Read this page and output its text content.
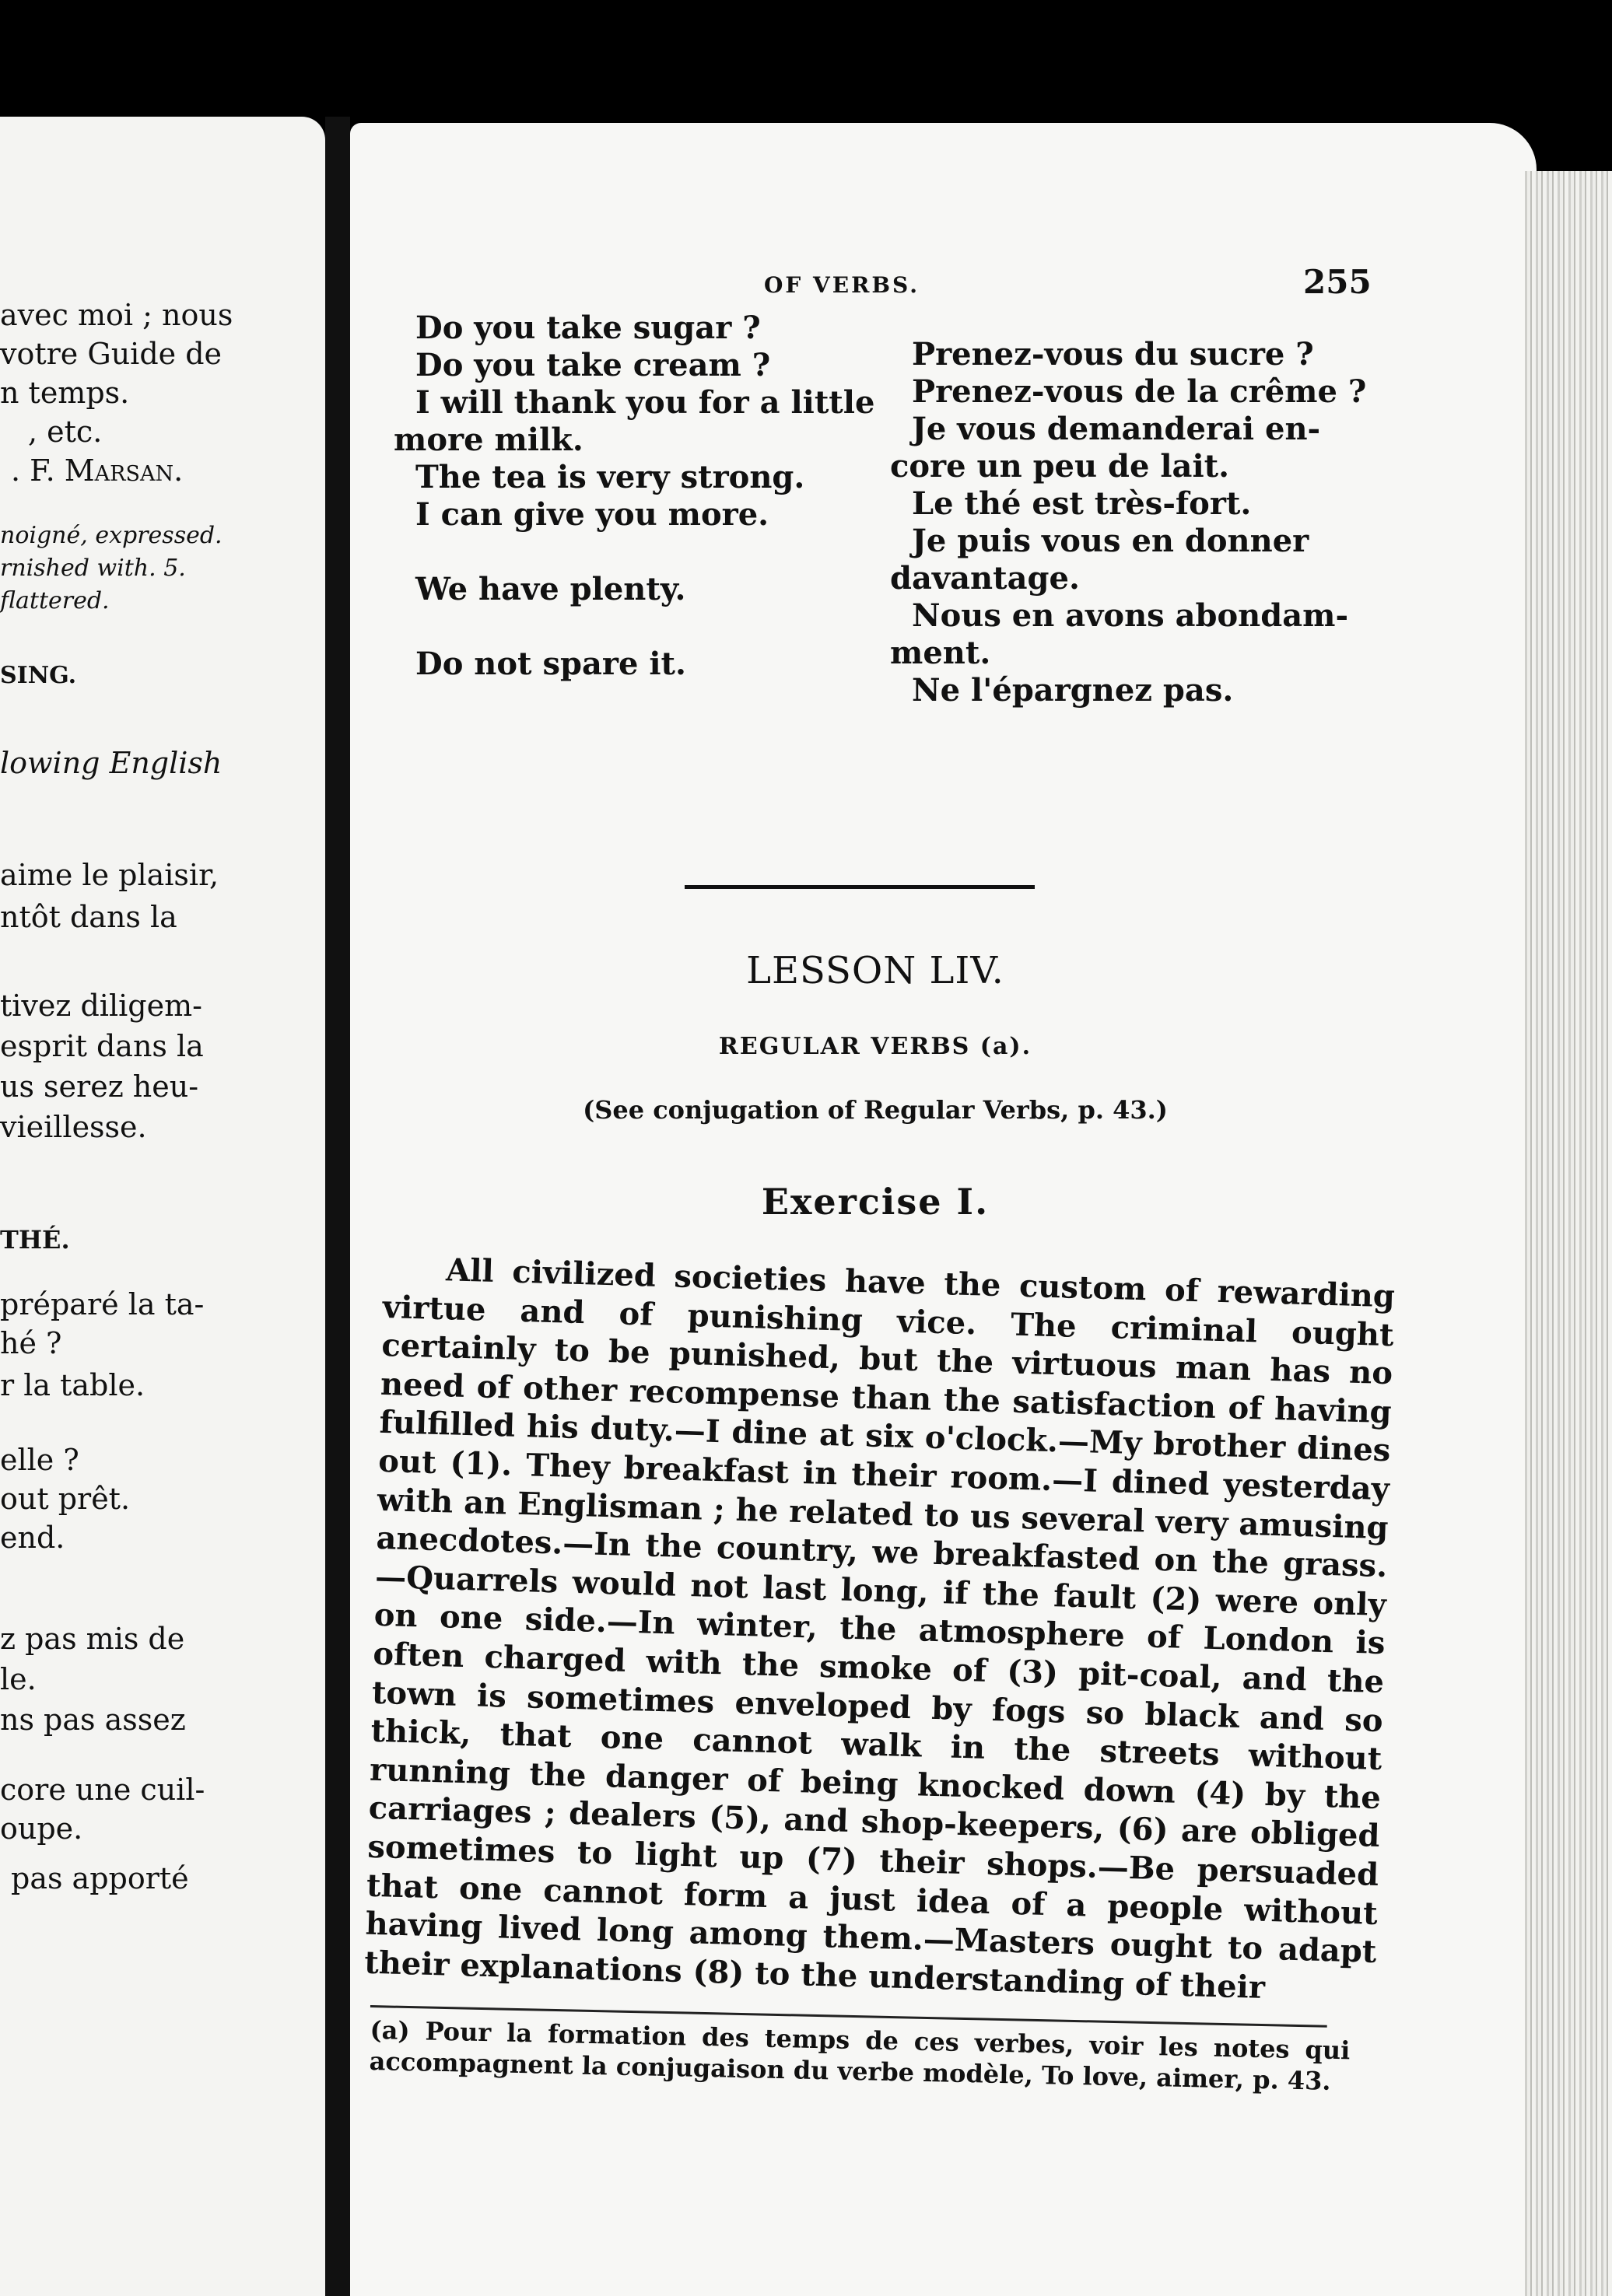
avec moi ; nous
votre Guide de
n temps.
, etc.
. F. Marsan.
noigné, expressed.
rnished with. 5.
flattered.
SING.
lowing English
aime le plaisir,
ntôt dans la
tivez diligem-
esprit dans la
us serez heu-
vieillesse.
THÉ.
préparé la ta-
hé ?
r la table.
elle ?
out prêt.
end.
z pas mis de
le.
ns pas assez
core une cuil-
oupe.
pas apporté
OF VERBS.	255
Do you take sugar ?
Do you take cream ?
I will thank you for a little
more milk.
The tea is very strong.
I can give you more.
We have plenty.
Do not spare it.
Prenez-vous du sucre ?
Prenez-vous de la crême ?
Je vous demanderai en-
core un peu de lait.
Le thé est très-fort.
Je puis vous en donner
davantage.
Nous en avons abondam-
ment.
Ne l'épargnez pas.
LESSON LIV.
REGULAR VERBS (a).
(See conjugation of Regular Verbs, p. 43.)
Exercise I.

All civilized societies have the custom of rewarding virtue and of punishing vice. The criminal ought certainly to be punished, but the virtuous man has no need of other recompense than the satisfaction of having fulfilled his duty.—I dine at six o'clock.—My brother dines out (1). They breakfast in their room.—I dined yesterday with an Englisman ; he related to us several very amusing anecdotes.—In the country, we breakfasted on the grass.—Quarrels would not last long, if the fault (2) were only on one side.—In winter, the atmosphere of London is often charged with the smoke of (3) pit-coal, and the town is sometimes enveloped by fogs so black and so thick, that one cannot walk in the streets without running the danger of being knocked down (4) by the carriages ; dealers (5), and shop-keepers, (6) are obliged sometimes to light up (7) their shops.—Be persuaded that one cannot form a just idea of a people without having lived long among them.—Masters ought to adapt their explanations (8) to the understanding of their

(a) Pour la formation des temps de ces verbes, voir les notes qui accompagnent la conjugaison du verbe modèle, To love, aimer, p. 43.
